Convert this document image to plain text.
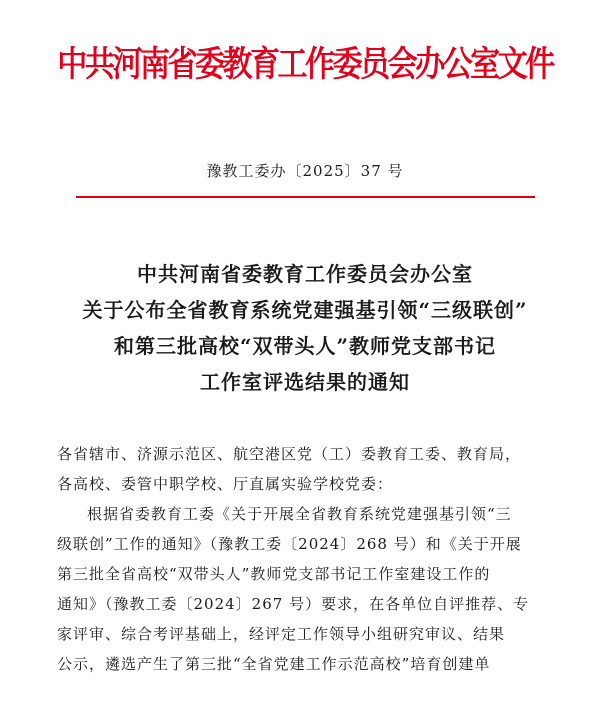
中共河南省委教育工作委员会办公室文件
豫教工委办〔2025〕37 号
中共河南省委教育工作委员会办公室
关于公布全省教育系统党建强基引领“三级联创”
和第三批高校“双带头人”教师党支部书记
工作室评选结果的通知
各省辖市、济源示范区、航空港区党（工）委教育工委、教育局，
各高校、委管中职学校、厅直属实验学校党委：
根据省委教育工委《关于开展全省教育系统党建强基引领“三
级联创”工作的通知》（豫教工委〔2024〕268 号）和《关于开展
第三批全省高校“双带头人”教师党支部书记工作室建设工作的
通知》（豫教工委〔2024〕267 号）要求，在各单位自评推荐、专
家评审、综合考评基础上，经评定工作领导小组研究审议、结果
公示，遴选产生了第三批“全省党建工作示范高校”培育创建单
